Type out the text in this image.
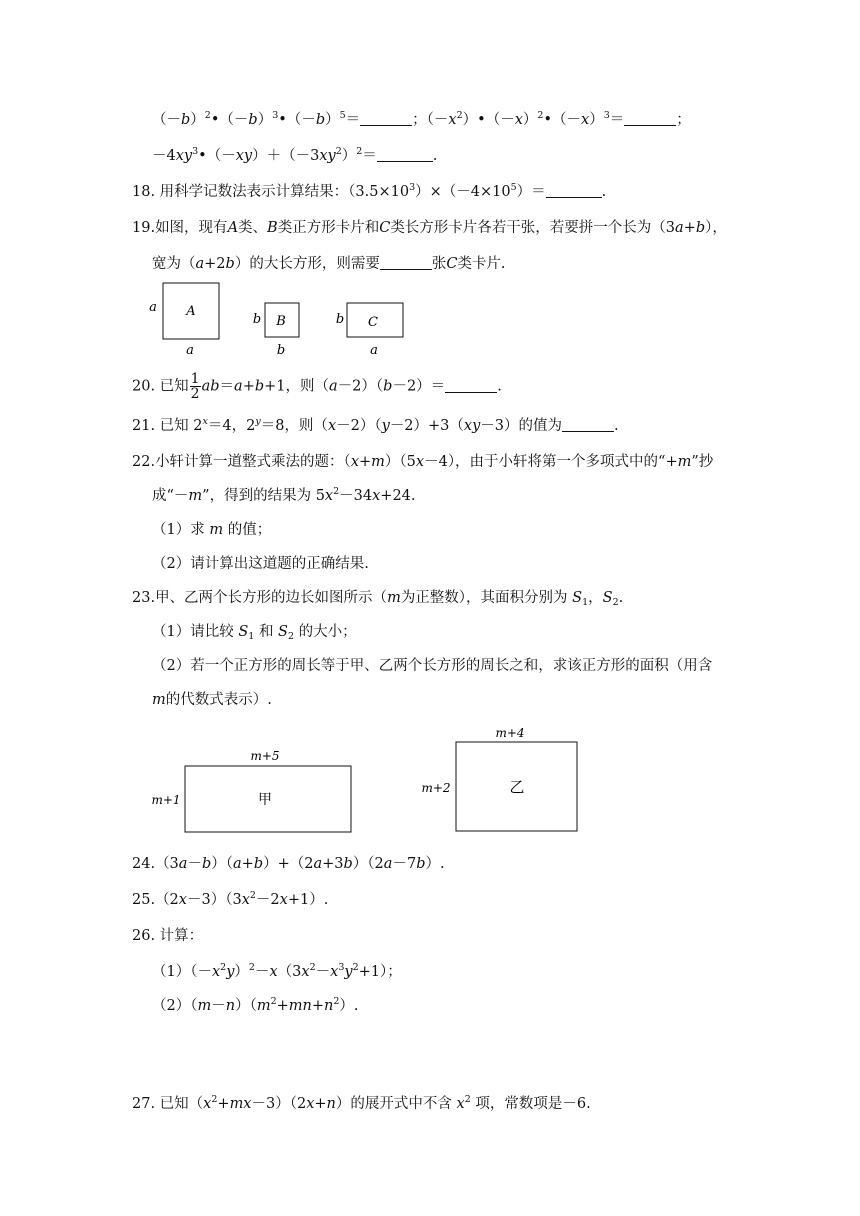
$(-b)^2•(-b)^3•(-b)^5=$	；$(-x^2)•(-x)^2•(-x)^3=$	；
$-4xy^3•(-xy)+(-3xy^2)^2=$	.
18. 用科学记数法表示计算结果：$(3.5\times 10^3)\times(-4\times 10^5)=$	.
19.如图，现有A类、B类正方形卡片和C类长方形卡片各若干张，若要拼一个长为（3a+b），
宽为（a+2b）的大长方形，则需要	张C类卡片.
A
a
a
B
b
b
C
b
a
20. 已知 $\frac{1}{2} ab=a+b+1$，则（a－2）（b－2）＝	.
21. 已知 $2^x=4$，$2^y=8$，则（x－2）（y－2）+3（xy－3）的值为	.
22.小轩计算一道整式乘法的题：（x+m）（5x－4），由于小轩将第一个多项式中的“+m”抄
成“－m”，得到的结果为 $5x^2-34x+24$.
（1）求 m 的值；
（2）请计算出这道题的正确结果.
23.甲、乙两个长方形的边长如图所示（m为正整数），其面积分别为 $S_1$，$S_2$.
（1）请比较 $S_1$ 和 $S_2$ 的大小；
（2）若一个正方形的周长等于甲、乙两个长方形的周长之和，求该正方形的面积（用含
m的代数式表示）.
甲
m+5
m+1
乙
m+4
m+2
24.（3a－b）（a+b）+（2a+3b）（2a－7b）.
$25.(2x-3)(3x^2-2x+1)$.
26. 计算：
$(1)(-x^2y)^2-x(3x^2-x^3y^2+1)$；
$(2)(m-n)(m^2+mn+n^2)$.
27. 已知$(x^2+mx-3)(2x+n)$的展开式中不含 $x^2$ 项，常数项是－6.
